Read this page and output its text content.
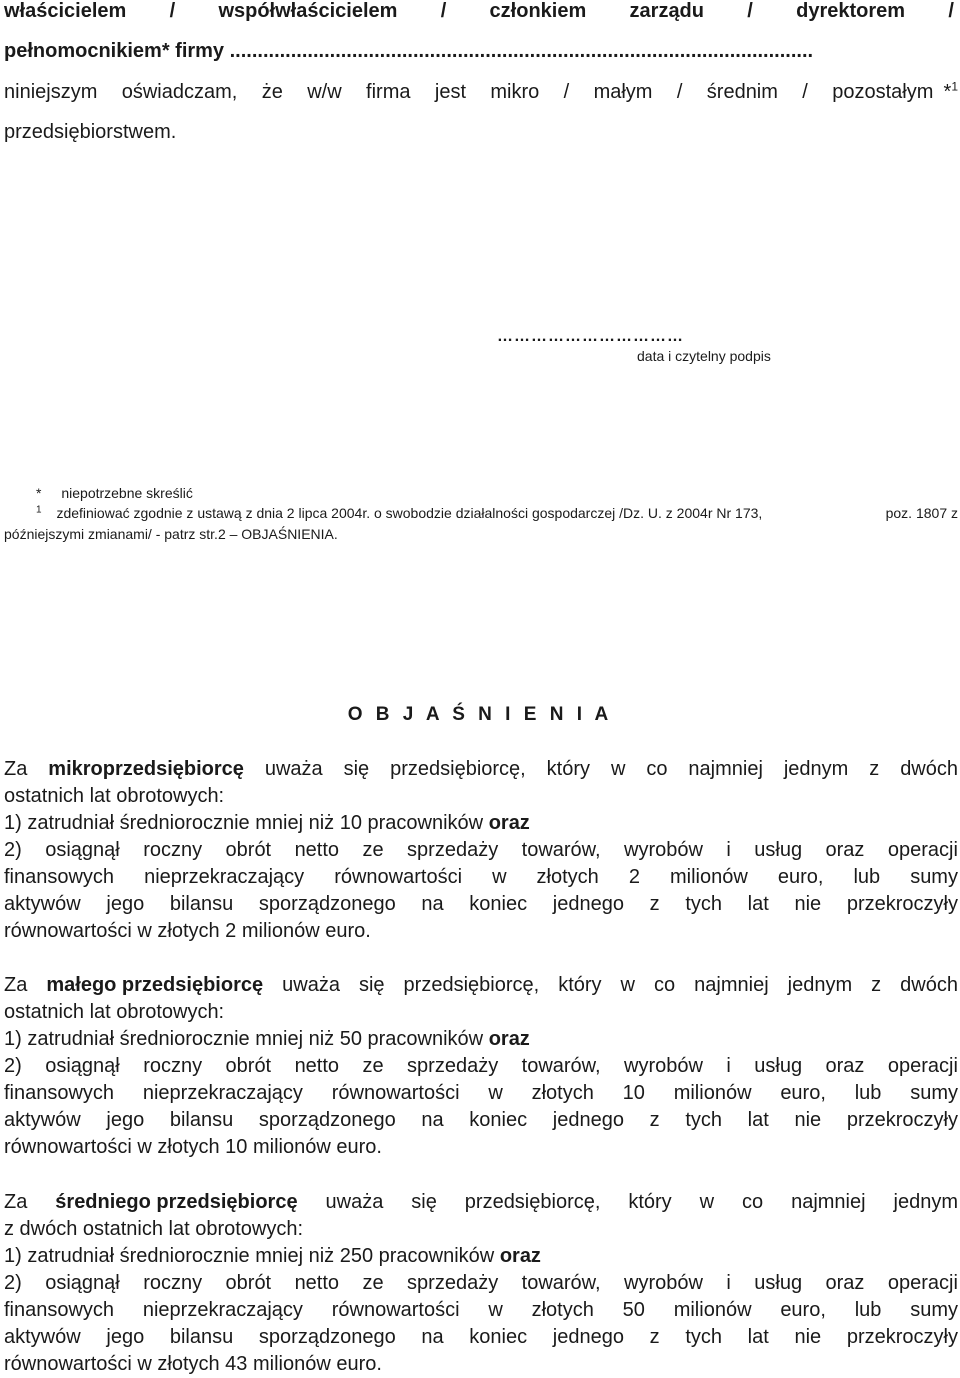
właścicielem / współwłaścicielem / członkiem zarządu / dyrektorem /
pełnomocnikiem* firmy .........................................................................................................
niniejszym oświadczam, że w/w firma jest mikro / małym / średnim / pozostałym *$^1$
przedsiębiorstwem.
……………………………
data i czytelny podpis
* niepotrzebne skreślić
$^1$ zdefiniować zgodnie z ustawą z dnia 2 lipca 2004r. o swobodzie działalności gospodarczej /Dz. U. z 2004r Nr 173,	poz. 1807 z
późniejszymi zmianami/ - patrz str.2 – OBJAŚNIENIA.
O B J A Ś N I E N I A
Za mikroprzedsiębiorcę uważa się przedsiębiorcę, który w co najmniej jednym z dwóch
ostatnich lat obrotowych:
1) zatrudniał średniorocznie mniej niż 10 pracowników oraz
2) osiągnął roczny obrót netto ze sprzedaży towarów, wyrobów i usług oraz operacji
finansowych nieprzekraczający równowartości w złotych 2 milionów euro, lub sumy
aktywów jego bilansu sporządzonego na koniec jednego z tych lat nie przekroczyły
równowartości w złotych 2 milionów euro.
Za małego przedsiębiorcę uważa się przedsiębiorcę, który w co najmniej jednym z dwóch
ostatnich lat obrotowych:
1) zatrudniał średniorocznie mniej niż 50 pracowników oraz
2) osiągnął roczny obrót netto ze sprzedaży towarów, wyrobów i usług oraz operacji
finansowych nieprzekraczający równowartości w złotych 10 milionów euro, lub sumy
aktywów jego bilansu sporządzonego na koniec jednego z tych lat nie przekroczyły
równowartości w złotych 10 milionów euro.
Za średniego przedsiębiorcę uważa się przedsiębiorcę, który w co najmniej jednym
z dwóch ostatnich lat obrotowych:
1) zatrudniał średniorocznie mniej niż 250 pracowników oraz
2) osiągnął roczny obrót netto ze sprzedaży towarów, wyrobów i usług oraz operacji
finansowych nieprzekraczający równowartości w złotych 50 milionów euro, lub sumy
aktywów jego bilansu sporządzonego na koniec jednego z tych lat nie przekroczyły
równowartości w złotych 43 milionów euro.
